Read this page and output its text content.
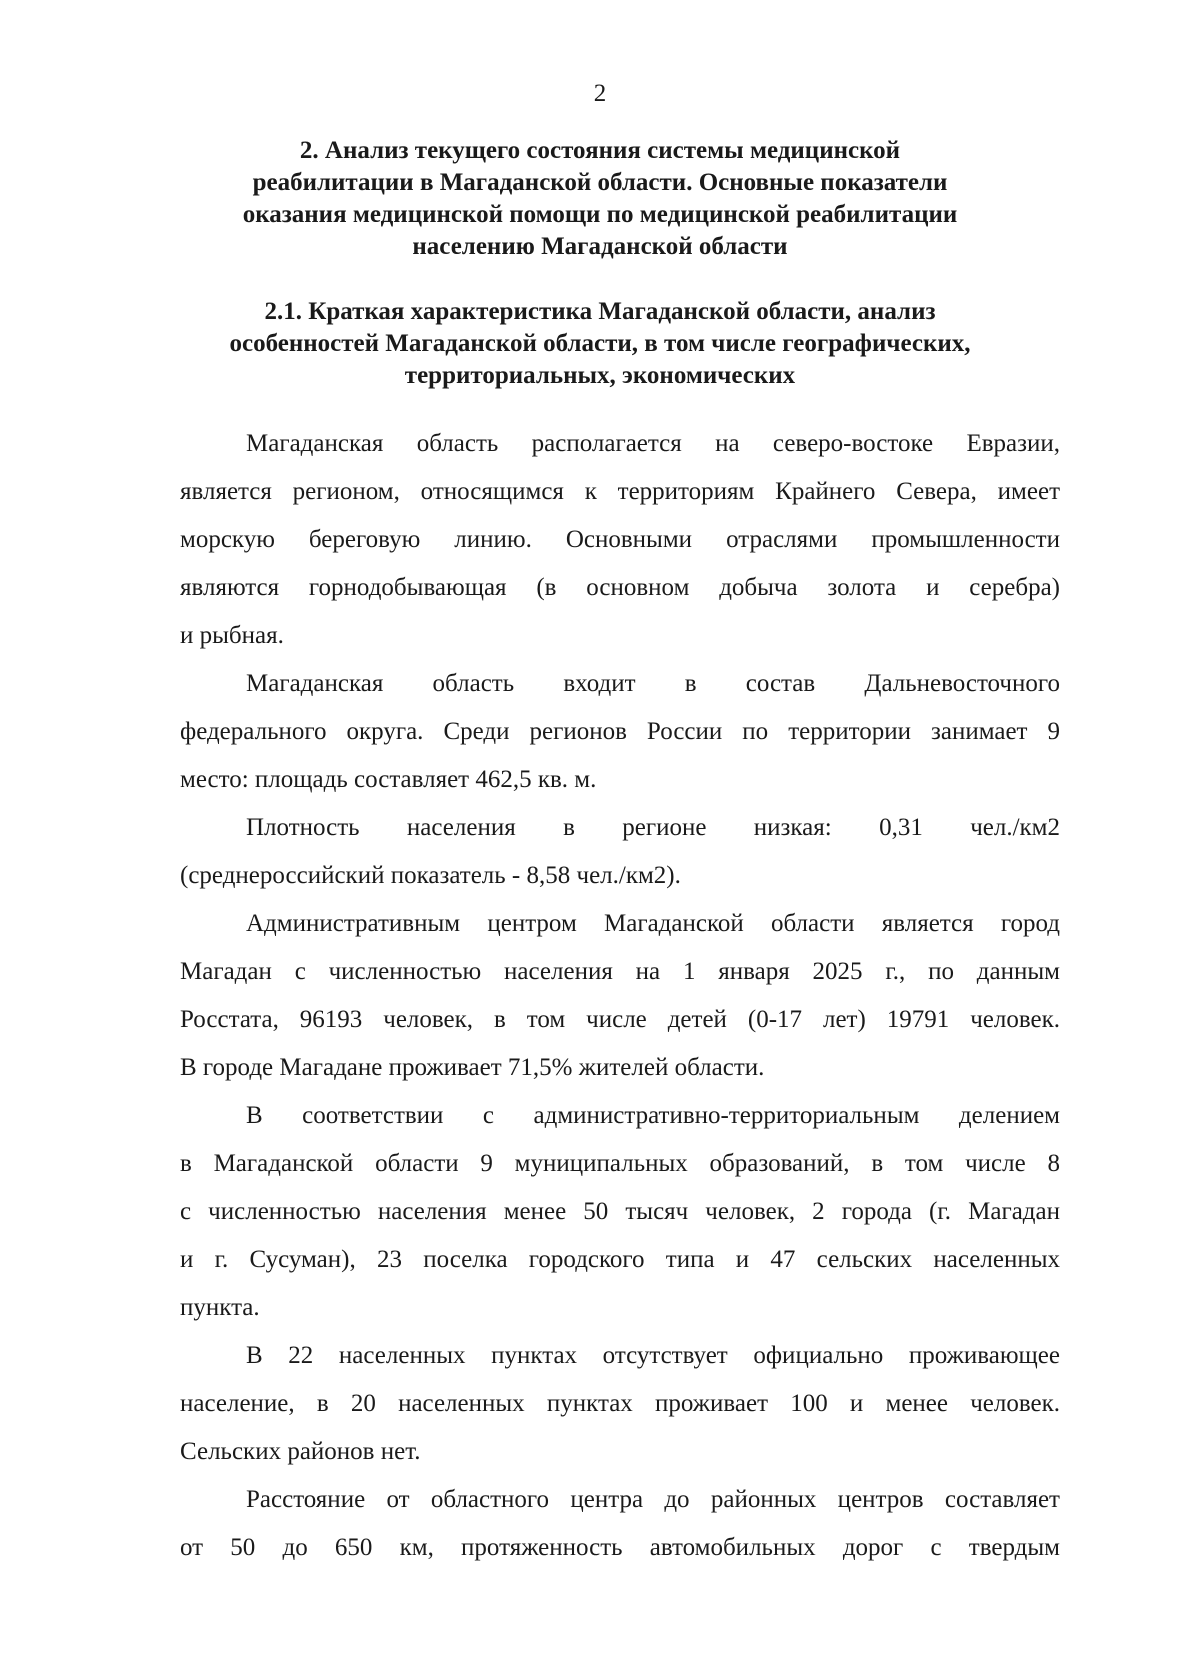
2
2. Анализ текущего состояния системы медицинской
реабилитации в Магаданской области. Основные показатели
оказания медицинской помощи по медицинской реабилитации
населению Магаданской области
2.1. Краткая характеристика Магаданской области, анализ
особенностей Магаданской области, в том числе географических,
территориальных, экономических
Магаданская область располагается на северо-востоке Евразии,
является регионом, относящимся к территориям Крайнего Севера, имеет
морскую береговую линию. Основными отраслями промышленности
являются горнодобывающая (в основном добыча золота и серебра)
и рыбная.
Магаданская область входит в состав Дальневосточного
федерального округа. Среди регионов России по территории занимает 9
место: площадь составляет 462,5 кв. м.
Плотность населения в регионе низкая: 0,31 чел./км2
(среднероссийский показатель - 8,58 чел./км2).
Административным центром Магаданской области является город
Магадан с численностью населения на 1 января 2025 г., по данным
Росстата, 96193 человек, в том числе детей (0-17 лет) 19791 человек.
В городе Магадане проживает 71,5% жителей области.
В соответствии с административно-территориальным делением
в Магаданской области 9 муниципальных образований, в том числе 8
с численностью населения менее 50 тысяч человек, 2 города (г. Магадан
и г. Сусуман), 23 поселка городского типа и 47 сельских населенных
пункта.
В 22 населенных пунктах отсутствует официально проживающее
население, в 20 населенных пунктах проживает 100 и менее человек.
Сельских районов нет.
Расстояние от областного центра до районных центров составляет
от 50 до 650 км, протяженность автомобильных дорог с твердым
